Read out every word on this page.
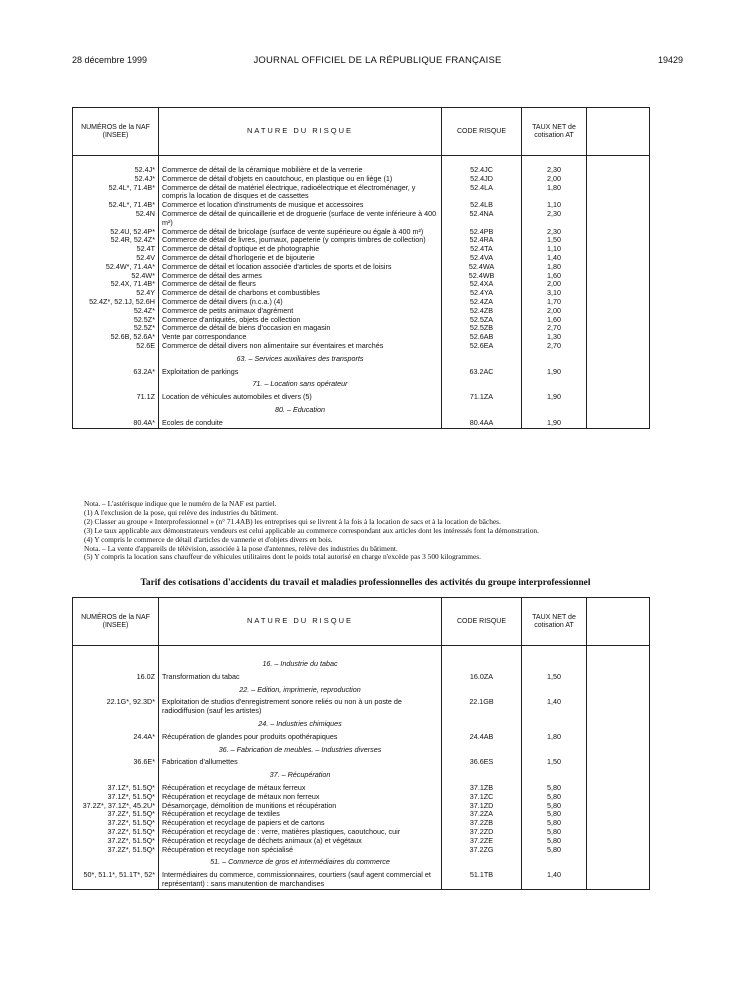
28 décembre 1999	JOURNAL OFFICIEL DE LA RÉPUBLIQUE FRANÇAISE	19429
NUMÉROS de la NAF (INSEE)	NATURE DU RISQUE	CODE RISQUE	TAUX NET de cotisation AT	

52.4J*	Commerce de détail de la céramique mobilière et de la verrerie	52.4JC	2,30	
52.4J*	Commerce de détail d'objets en caoutchouc, en plastique ou en liège (1)	52.4JD	2,00	
52.4L*, 71.4B*	Commerce de détail de matériel électrique, radioélectrique et électroménager, y compris la location de disques et de cassettes	52.4LA	1,80	
52.4L*, 71.4B*	Commerce et location d'instruments de musique et accessoires	52.4LB	1,10	
52.4N	Commerce de détail de quincaillerie et de droguerie (surface de vente inférieure à 400 m²)	52.4NA	2,30	
52.4U, 52.4P*	Commerce de détail de bricolage (surface de vente supérieure ou égale à 400 m²)	52.4PB	2,30	
52.4R, 52.4Z*	Commerce de détail de livres, journaux, papeterie (y compris timbres de collection)	52.4RA	1,50	
52.4T	Commerce de détail d'optique et de photographie	52.4TA	1,10	
52.4V	Commerce de détail d'horlogerie et de bijouterie	52.4VA	1,40	
52.4W*, 71.4A*	Commerce de détail et location associée d'articles de sports et de loisirs	52.4WA	1,80	
52.4W*	Commerce de détail des armes	52.4WB	1,60	
52.4X, 71.4B*	Commerce de détail de fleurs	52.4XA	2,00	
52.4Y	Commerce de détail de charbons et combustibles	52.4YA	3,10	
52.4Z*, 52.1J, 52.6H	Commerce de détail divers (n.c.a.) (4)	52.4ZA	1,70	
52.4Z*	Commerce de petits animaux d'agrément	52.4ZB	2,00	
52.5Z*	Commerce d'antiquités, objets de collection	52.5ZA	1,60	
52.5Z*	Commerce de détail de biens d'occasion en magasin	52.5ZB	2,70	
52.6B, 52.6A*	Vente par correspondance	52.6AB	1,30	
52.6E	Commerce de détail divers non alimentaire sur éventaires et marchés	52.6EA	2,70	
	63. – Services auxiliaires des transports			
63.2A*	Exploitation de parkings	63.2AC	1,90	
	71. – Location sans opérateur			
71.1Z	Location de véhicules automobiles et divers (5)	71.1ZA	1,90	
	80. – Education			
80.4A*	Ecoles de conduite	80.4AA	1,90	
Nota. – L'astérisque indique que le numéro de la NAF est partiel.
(1) A l'exclusion de la pose, qui relève des industries du bâtiment.
(2) Classer au groupe « Interprofessionnel » (n° 71.4AB) les entreprises qui se livrent à la fois à la location de sacs et à la location de bâches.
(3) Le taux applicable aux démonstrateurs vendeurs est celui applicable au commerce correspondant aux articles dont les intéressés font la démonstration.
(4) Y compris le commerce de détail d'articles de vannerie et d'objets divers en bois.
Nota. – La vente d'appareils de télévision, associée à la pose d'antennes, relève des industries du bâtiment.
(5) Y compris la location sans chauffeur de véhicules utilitaires dont le poids total autorisé en charge n'excède pas 3 500 kilogrammes.
Tarif des cotisations d'accidents du travail et maladies professionnelles des activités du groupe interprofessionnel
NUMÉROS de la NAF (INSEE)	NATURE DU RISQUE	CODE RISQUE	TAUX NET de cotisation AT	

	16. – Industrie du tabac			
16.0Z	Transformation du tabac	16.0ZA	1,50	
	22. – Edition, imprimerie, reproduction			
22.1G*, 92.3D*	Exploitation de studios d'enregistrement sonore reliés ou non à un poste de radiodiffusion (sauf les artistes)	22.1GB	1,40	
	24. – Industries chimiques			
24.4A*	Récupération de glandes pour produits opothérapiques	24.4AB	1,80	
	36. – Fabrication de meubles. – Industries diverses			
36.6E*	Fabrication d'allumettes	36.6ES	1,50	
	37. – Récupération			
37.1Z*, 51.5Q*	Récupération et recyclage de métaux ferreux	37.1ZB	5,80	
37.1Z*, 51.5Q*	Récupération et recyclage de métaux non ferreux	37.1ZC	5,80	
37.2Z*, 37.1Z*, 45.2U*	Désamorçage, démolition de munitions et récupération	37.1ZD	5,80	
37.2Z*, 51.5Q*	Récupération et recyclage de textiles	37.2ZA	5,80	
37.2Z*, 51.5Q*	Récupération et recyclage de papiers et de cartons	37.2ZB	5,80	
37.2Z*, 51.5Q*	Récupération et recyclage de : verre, matières plastiques, caoutchouc, cuir	37.2ZD	5,80	
37.2Z*, 51.5Q*	Récupération et recyclage de déchets animaux (a) et végétaux	37.2ZE	5,80	
37.2Z*, 51.5Q*	Récupération et recyclage non spécialisé	37.2ZG	5,80	
	51. – Commerce de gros et intermédiaires du commerce			
50*, 51.1*, 51.1T*, 52*	Intermédiaires du commerce, commissionnaires, courtiers (sauf agent commercial et représentant) : sans manutention de marchandises	51.1TB	1,40	
